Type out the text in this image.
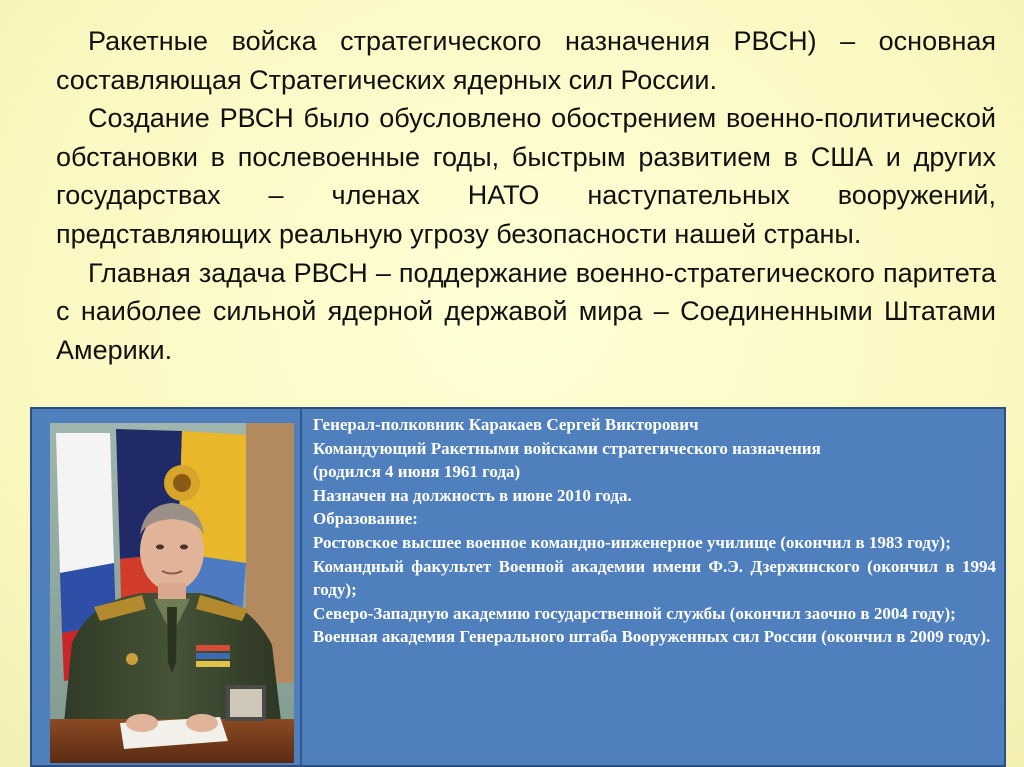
Ракетные войска стратегического назначения РВСН) – основная составляющая Стратегических ядерных сил России.

Создание РВСН было обусловлено обострением военно-политической обстановки в послевоенные годы, быстрым развитием в США и других государствах – членах НАТО наступательных вооружений, представляющих реальную угрозу безопасности нашей страны.

Главная задача РВСН – поддержание военно-стратегического паритета с наиболее сильной ядерной державой мира – Соединенными Штатами Америки.

Генерал-полковник Каракаев Сергей Викторович

Командующий Ракетными войсками стратегического назначения

(родился 4 июня 1961 года)

Назначен на должность в июне 2010 года.

Образование:

Ростовское высшее военное командно-инженерное училище (окончил в 1983 году);

Командный факультет Военной академии имени Ф.Э. Дзержинского (окончил в 1994 году);

Северо-Западную академию государственной службы (окончил заочно в 2004 году);

Военная академия Генерального штаба Вооруженных сил России (окончил в 2009 году).
